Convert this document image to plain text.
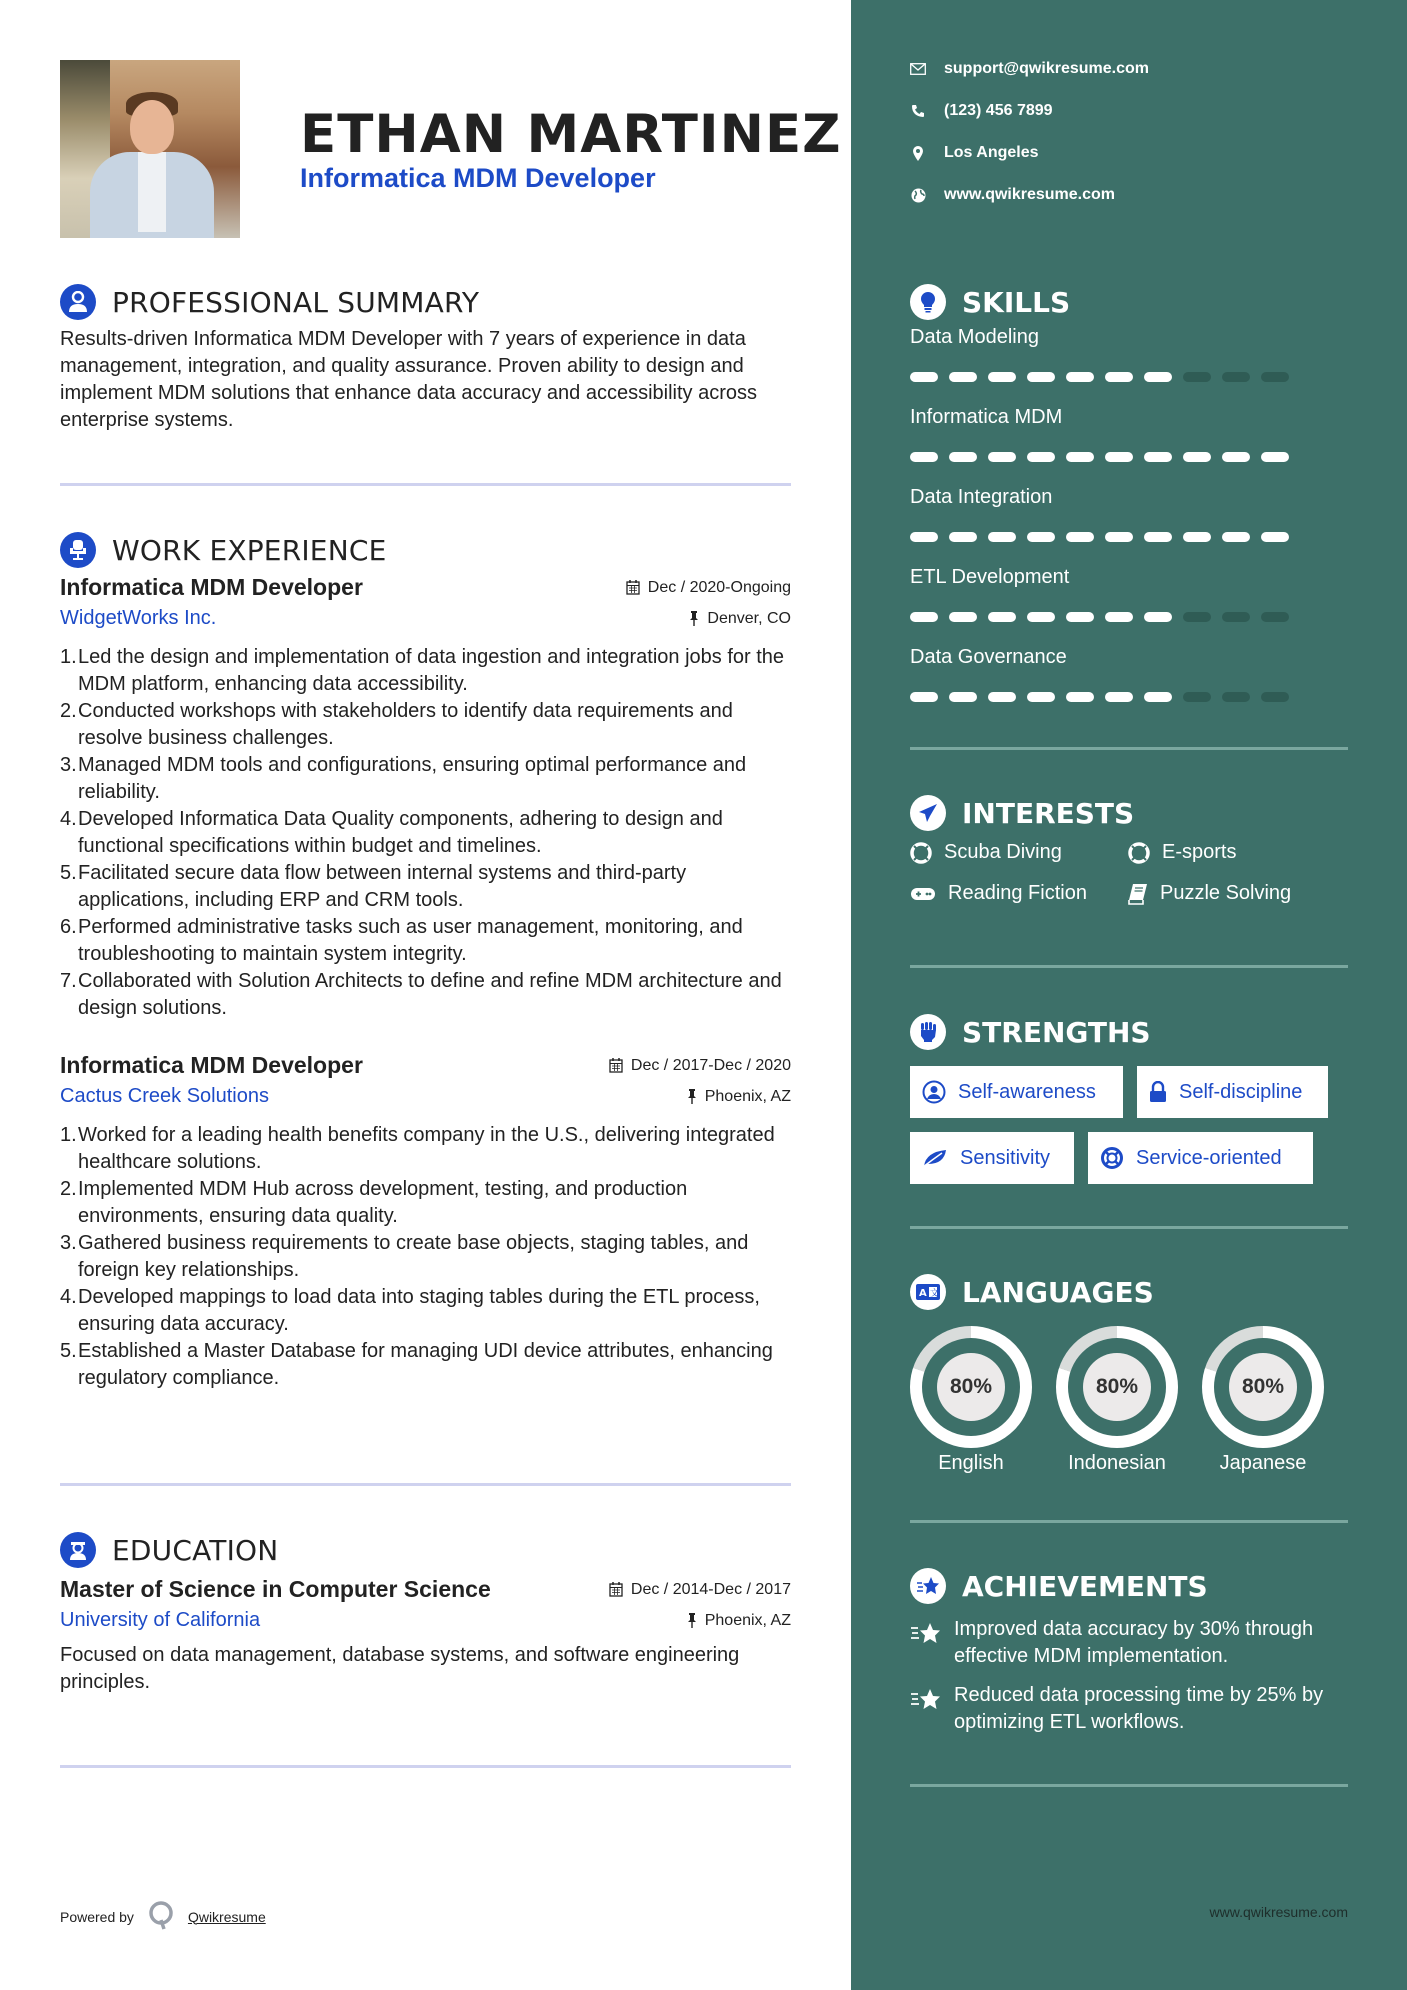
ETHAN MARTINEZ
Informatica MDM Developer
PROFESSIONAL SUMMARY

Results-driven Informatica MDM Developer with 7 years of experience in data management, integration, and quality assurance. Proven ability to design and implement MDM solutions that enhance data accuracy and accessibility across enterprise systems.

WORK EXPERIENCE
Informatica MDM Developer	Dec / 2020-Ongoing
WidgetWorks Inc.	Denver, CO
1.Led the design and implementation of data ingestion and integration jobs for the MDM platform, enhancing data accessibility.
2.Conducted workshops with stakeholders to identify data requirements and resolve business challenges.
3.Managed MDM tools and configurations, ensuring optimal performance and reliability.
4.Developed Informatica Data Quality components, adhering to design and functional specifications within budget and timelines.
5.Facilitated secure data flow between internal systems and third-party applications, including ERP and CRM tools.
6.Performed administrative tasks such as user management, monitoring, and troubleshooting to maintain system integrity.
7.Collaborated with Solution Architects to define and refine MDM architecture and design solutions.
Informatica MDM Developer	Dec / 2017-Dec / 2020
Cactus Creek Solutions	Phoenix, AZ
1.Worked for a leading health benefits company in the U.S., delivering integrated healthcare solutions.
2.Implemented MDM Hub across development, testing, and production environments, ensuring data quality.
3.Gathered business requirements to create base objects, staging tables, and foreign key relationships.
4.Developed mappings to load data into staging tables during the ETL process, ensuring data accuracy.
5.Established a Master Database for managing UDI device attributes, enhancing regulatory compliance.
EDUCATION
Master of Science in Computer Science	Dec / 2014-Dec / 2017
University of California	Phoenix, AZ

Focused on data management, database systems, and software engineering principles.

Powered by	Qwikresume
support@qwikresume.com
(123) 456 7899
Los Angeles
www.qwikresume.com
SKILLS
Data Modeling
Informatica MDM
Data Integration
ETL Development
Data Governance
INTERESTS
Scuba Diving	E-sports
Reading Fiction	Puzzle Solving
STRENGTHS
Self-awareness	Self-discipline
Sensitivity	Service-oriented
A 文 LANGUAGES
80%
English
80%
Indonesian
80%
Japanese
ACHIEVEMENTS
Improved data accuracy by 30% through effective MDM implementation.
Reduced data processing time by 25% by optimizing ETL workflows.
www.qwikresume.com
